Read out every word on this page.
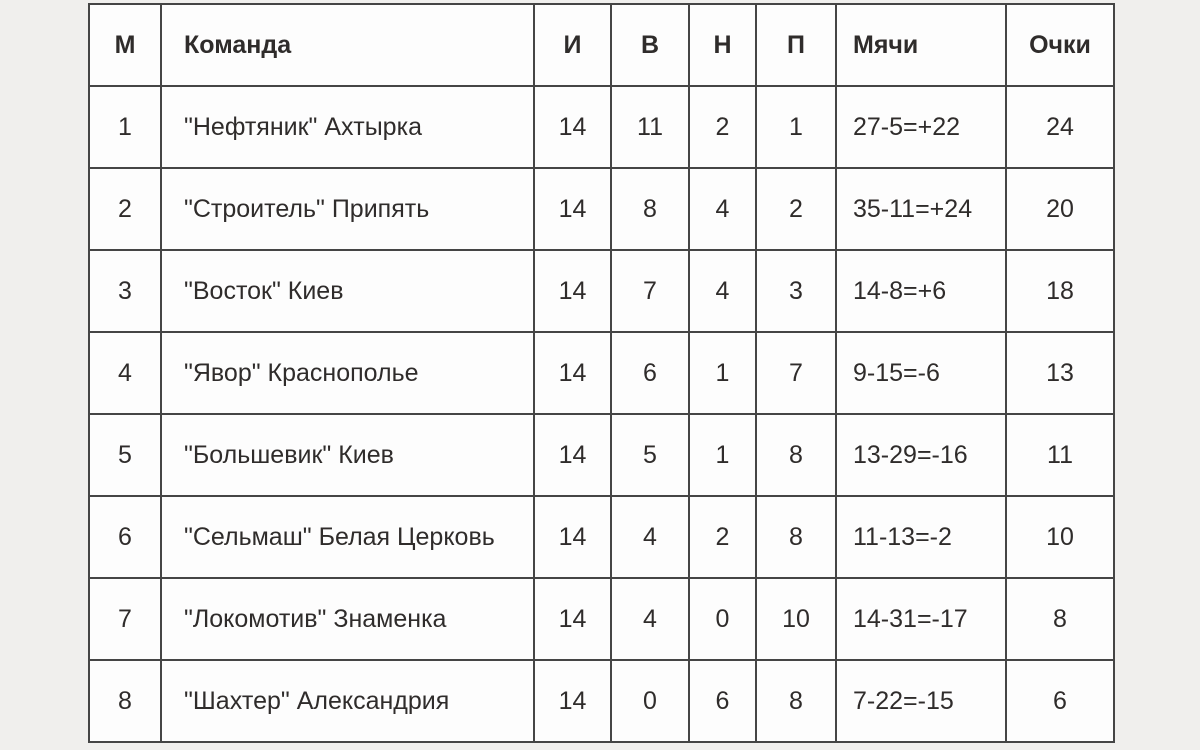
М	Команда	И	В	Н	П	Мячи	Очки
1	"Нефтяник" Ахтырка	14	11	2	1	27-5=+22	24
2	"Строитель" Припять	14	8	4	2	35-11=+24	20
3	"Восток" Киев	14	7	4	3	14-8=+6	18
4	"Явор" Краснополье	14	6	1	7	9-15=-6	13
5	"Большевик" Киев	14	5	1	8	13-29=-16	11
6	"Сельмаш" Белая Церковь	14	4	2	8	11-13=-2	10
7	"Локомотив" Знаменка	14	4	0	10	14-31=-17	8
8	"Шахтер" Александрия	14	0	6	8	7-22=-15	6
